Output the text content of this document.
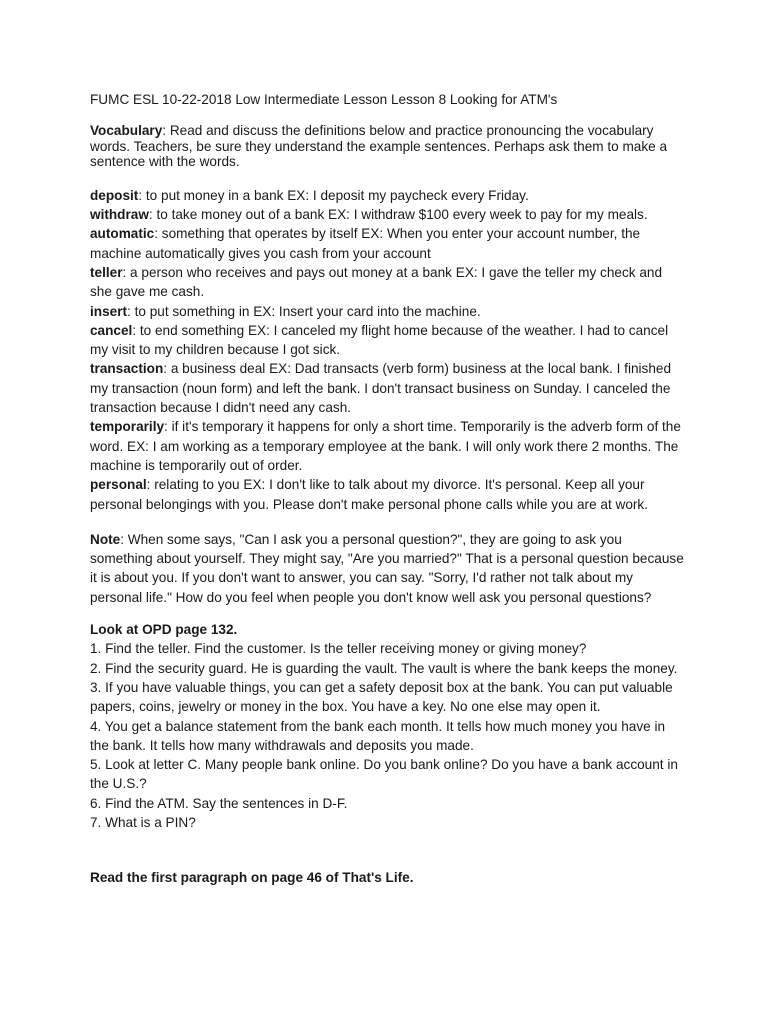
FUMC ESL 10-22-2018 Low Intermediate Lesson Lesson 8 Looking for ATM's

Vocabulary: Read and discuss the definitions below and practice pronouncing the vocabulary words. Teachers, be sure they understand the example sentences. Perhaps ask them to make a sentence with the words.

deposit: to put money in a bank EX: I deposit my paycheck every Friday.

withdraw: to take money out of a bank EX: I withdraw $100 every week to pay for my meals.

automatic: something that operates by itself EX: When you enter your account number, the machine automatically gives you cash from your account

teller: a person who receives and pays out money at a bank EX: I gave the teller my check and she gave me cash.

insert: to put something in EX: Insert your card into the machine.

cancel: to end something EX: I canceled my flight home because of the weather. I had to cancel my visit to my children because I got sick.

transaction: a business deal EX: Dad transacts (verb form) business at the local bank. I finished my transaction (noun form) and left the bank. I don't transact business on Sunday. I canceled the transaction because I didn't need any cash.

temporarily: if it's temporary it happens for only a short time. Temporarily is the adverb form of the word. EX: I am working as a temporary employee at the bank. I will only work there 2 months. The machine is temporarily out of order.

personal: relating to you EX: I don't like to talk about my divorce. It's personal. Keep all your personal belongings with you. Please don't make personal phone calls while you are at work.

Note: When some says, "Can I ask you a personal question?", they are going to ask you something about yourself. They might say, "Are you married?" That is a personal question because it is about you. If you don't want to answer, you can say. "Sorry, I'd rather not talk about my personal life." How do you feel when people you don't know well ask you personal questions?

Look at OPD page 132.

1. Find the teller. Find the customer. Is the teller receiving money or giving money?
2. Find the security guard. He is guarding the vault. The vault is where the bank keeps the money.
3. If you have valuable things, you can get a safety deposit box at the bank. You can put valuable papers, coins, jewelry or money in the box. You have a key. No one else may open it.
4. You get a balance statement from the bank each month. It tells how much money you have in the bank. It tells how many withdrawals and deposits you made.
5. Look at letter C. Many people bank online. Do you bank online? Do you have a bank account in the U.S.?
6. Find the ATM. Say the sentences in D-F.
7. What is a PIN?

Read the first paragraph on page 46 of That's Life.
